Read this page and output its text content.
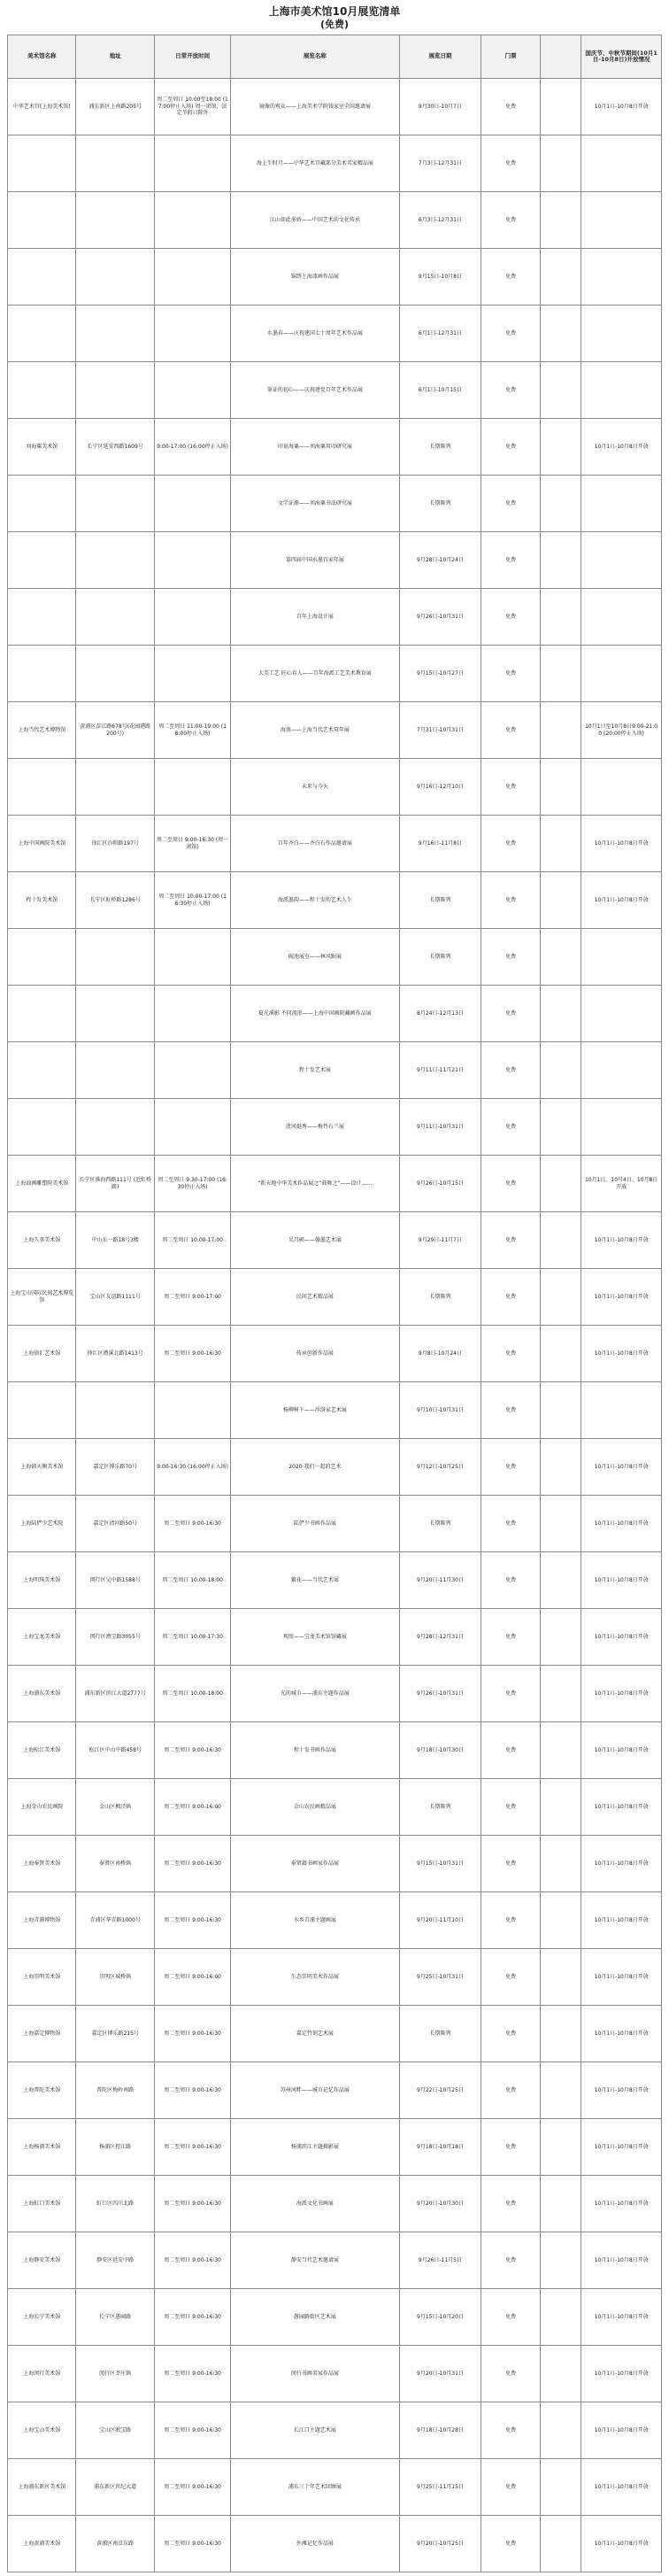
上海市美术馆10月展览清单
(免费)
美术馆名称	地址	日常开放时间	展览名称	展览日期	门票		国庆节、中秋节期间(10月1日-10月8日)开放情况
中华艺术宫(上海美术馆)	浦东新区上南路205号	周二至周日 10:00至18:00 (17:00停止入场) 周一闭馆，法定节假日除外	镜像的观众——上海美术学院钱家室全国邀请展	9月30日-10月7日	免费		10月1日-10月8日开放
			海上生时月——中华艺术宫藏部分美术名家精品展	7月3日-12月31日	免费		
			江山如此多娇——中国艺术的文化传承	6月3日-12月31日	免费		
			锦绣上海漆画作品展	9月15日-10月8日	免费		
			水墨春——庆祝建国七十周年艺术作品展	6月1日-12月31日	免费		
			鉴证的初心——庆祝建党百年艺术作品展	6月1日-10月15日	免费		
刘海粟美术馆	长宁区延安西路1609号	9:00-17:00 (16:00停止入场)	印说海粟——刘海粟用印研究展	长期陈列	免费		10月1日-10月8日开放
			文学证源——刘海粟书法研究展	长期陈列	免费		
			第四届中国水墨百家年展	9月28日-10月24日	免费		
			百年上海设计展	9月26日-10月31日	免费		
			大美工艺 匠心育人——百年海派工艺美术教育展	9月15日-10月27日	免费		
上海当代艺术博物馆	黄浦区苗江路678号(花园港路200号)	周二至周日 11:00-19:00 (18:00停止入场)	海浪——上海当代艺术双年展	7月31日-10月31日	免费		10月1日至10月8日9:00-21:00 (20:00停止入场)
			未来与今天	9月16日-12月10日	免费		
上海中国画院美术馆	徐汇区汾阳路197号	周二至周日 9:00-16:30 (周一闭馆)	百年齐白——齐白石作品邀请展	9月16日-11月8日	免费		10月1日-10月8日开放
程十发美术馆	长宁区虹桥路1286号	周二至周日 10:00-17:00 (16:30停止入场)	海派墨韵——程十发的艺术人生	长期陈列	免费		10月1日-10月8日开放
			砚池展室——林风眠展	长期陈列	免费		
			夏光溪影 不同流形——上海中国画院藏画作品展	8月24日-12月13日	免费		
			程十发艺术展	9月11日-11月21日	免费		
			清风挺秀——梅竹石兰展	9月11日-10月31日	免费		
上海油画雕塑院美术馆	长宁区淮海西路111号 (近虹桥路)	周二至周日 9:30-17:00 (16:30停止入场)	“新天地中华美术作品展之“鼓舞之”——设计……	9月26日-10月15日	免费		10月1日、10月4日、10月8日开放
上海久事美术馆	中山东一路18号3楼	周二至周日 10:00-17:00	吴昌硕——翰墨艺术展	9月29日-11月7日	免费		10月1日-10月8日开放
上海宝山国际民间艺术博览馆	宝山区友谊路1111号	周二至周日 9:00-17:00	民间艺术精品展	长期陈列	免费		10月1日-10月8日开放
上海徐汇艺术馆	徐汇区漕溪北路1413号	周二至周日 9:00-16:30	传承创新作品展	9月8日-10月24日	免费		10月1日-10月8日开放
			杨柳树下——沙洛家艺术展	9月10日-10月31日	免费		
上海韩天衡美术馆	嘉定区博乐路70号	9:00-16:30 (16:00停止入场)	2020·我们一起的艺术	9月12日-10月25日	免费		10月1日-10月8日开放
上海陆俨少艺术院	嘉定区清河路50号	周二至周日 9:00-16:30	陆俨少书画作品展	长期陈列	免费		10月1日-10月8日开放
上海明珠美术馆	闵行区吴中路1588号	周二至周日 10:00-18:00	繁花——当代艺术展	9月20日-11月30日	免费		10月1日-10月8日开放
上海宝龙美术馆	闵行区漕宝路3055号	周二至周日 10:00-17:30	观照——宝龙美术馆馆藏展	9月28日-12月31日	免费		10月1日-10月8日开放
上海浦东美术馆	浦东新区滨江大道2777号	周二至周日 10:00-18:00	光的城市——浦东主题作品展	9月26日-10月31日	免费		10月1日-10月8日开放
上海松江美术馆	松江区中山中路458号	周二至周日 9:00-16:30	程十发书画作品展	9月18日-10月30日	免费		10月1日-10月8日开放
上海金山农民画院	金山区枫泾镇	周二至周日 9:00-16:00	金山农民画精品展	长期陈列	免费		10月1日-10月8日开放
上海奉贤美术馆	奉贤区南桥镇	周二至周日 9:00-16:30	奉贤籍书画家作品展	9月15日-10月31日	免费		10月1日-10月8日开放
上海青浦博物馆	青浦区华青路1000号	周二至周日 9:00-16:30	水乡青浦主题画展	9月20日-11月10日	免费		10月1日-10月8日开放
上海崇明美术馆	崇明区城桥镇	周二至周日 9:00-16:00	生态崇明美术作品展	9月25日-10月31日	免费		10月1日-10月8日开放
上海嘉定博物馆	嘉定区博乐路215号	周二至周日 9:00-16:30	嘉定竹刻艺术展	长期陈列	免费		10月1日-10月8日开放
上海普陀美术馆	普陀区梅岭南路	周二至周日 9:00-16:30	苏州河畔——城市记忆作品展	9月22日-10月25日	免费		10月1日-10月8日开放
上海杨浦美术馆	杨浦区控江路	周二至周日 9:00-16:30	杨浦滨江主题摄影展	9月18日-10月18日	免费		10月1日-10月8日开放
上海虹口美术馆	虹口区四川北路	周二至周日 9:00-16:30	海派文化书画展	9月20日-10月30日	免费		10月1日-10月8日开放
上海静安美术馆	静安区延安中路	周二至周日 9:00-16:30	静安当代艺术邀请展	9月26日-11月5日	免费		10月1日-10月8日开放
上海长宁美术馆	长宁区愚园路	周二至周日 9:00-16:30	愚园路街区艺术展	9月15日-10月20日	免费		10月1日-10月8日开放
上海闵行美术馆	闵行区莘庄镇	周二至周日 9:00-16:30	闵行书画名家作品展	9月20日-10月31日	免费		10月1日-10月8日开放
上海宝山美术馆	宝山区淞宝路	周二至周日 9:00-16:30	长江口主题艺术展	9月18日-10月28日	免费		10月1日-10月8日开放
上海浦东新区美术馆	浦东新区世纪大道	周二至周日 9:00-16:30	浦东三十年艺术回顾展	9月25日-11月15日	免费		10月1日-10月8日开放
上海黄浦美术馆	黄浦区南京东路	周二至周日 9:00-16:30	外滩记忆作品展	9月20日-10月25日	免费		10月1日-10月8日开放
